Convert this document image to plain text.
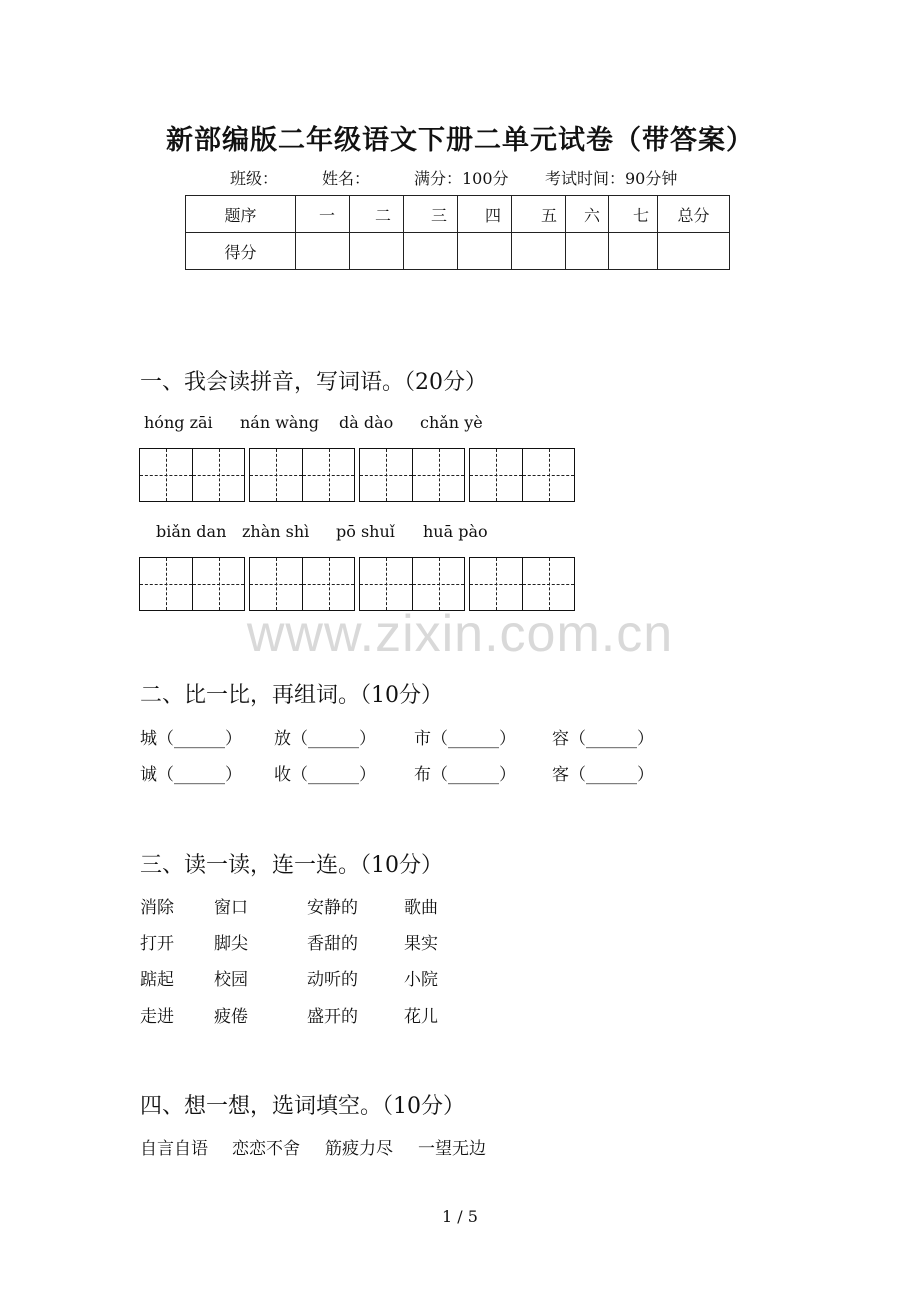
新部编版二年级语文下册二单元试卷（带答案）
班级：	姓名：	满分：100分 考试时间：90分钟
题序	一	二	三	四	五	六	七	总分
得分								
一、我会读拼音，写词语。（20分）
hóng zāi nán wàng dà dào chǎn yè
biǎn dan zhàn shì pō shuǐ huā pào
www.zixin.com.cn
二、比一比，再组词。（10分）
城（______） 放（______） 市（______） 容（______）
诚（______） 收（______） 布（______） 客（______）
三、读一读，连一连。（10分）
消除 窗口	安静的	歌曲
打开 脚尖	香甜的	果实
踮起 校园	动听的	小院
走进 疲倦	盛开的	花儿
四、想一想，选词填空。（10分）
自言自语 恋恋不舍 筋疲力尽 一望无边
1 / 5
